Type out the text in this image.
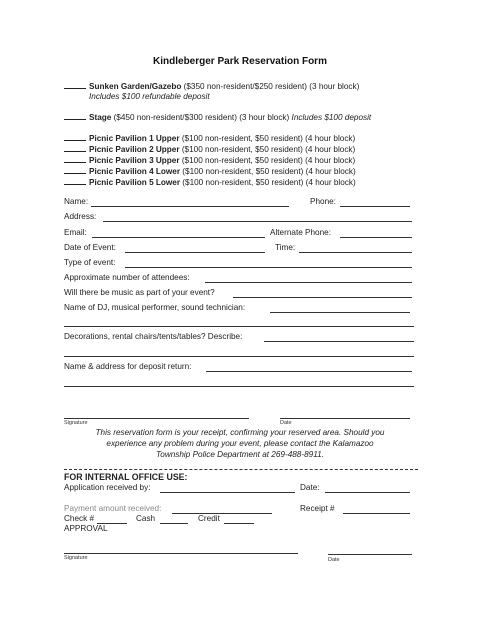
Kindleberger Park Reservation Form
Sunken Garden/Gazebo ($350 non-resident/$250 resident) (3 hour block)
Includes $100 refundable deposit
Stage ($450 non-resident/$300 resident) (3 hour block) Includes $100 deposit
Picnic Pavilion 1 Upper ($100 non-resident, $50 resident) (4 hour block)
Picnic Pavilion 2 Upper ($100 non-resident, $50 resident) (4 hour block)
Picnic Pavilion 3 Upper ($100 non-resident, $50 resident) (4 hour block)
Picnic Pavilion 4 Lower ($100 non-resident, $50 resident) (4 hour block)
Picnic Pavilion 5 Lower ($100 non-resident, $50 resident) (4 hour block)
Name:	Phone:
Address:
Email:	Alternate Phone:
Date of Event:	Time:
Type of event:
Approximate number of attendees:
Will there be music as part of your event?
Name of DJ, musical performer, sound technician:
Decorations, rental chairs/tents/tables? Describe:
Name & address for deposit return:
Signature	Date
This reservation form is your receipt, confirming your reserved area. Should you
experience any problem during your event, please contact the Kalamazoo
Township Police Department at 269-488-8911.
FOR INTERNAL OFFICE USE:
Application received by:	Date:
Payment amount received:	Receipt #
Check #	Cash	Credit
APPROVAL
Signature	Date
